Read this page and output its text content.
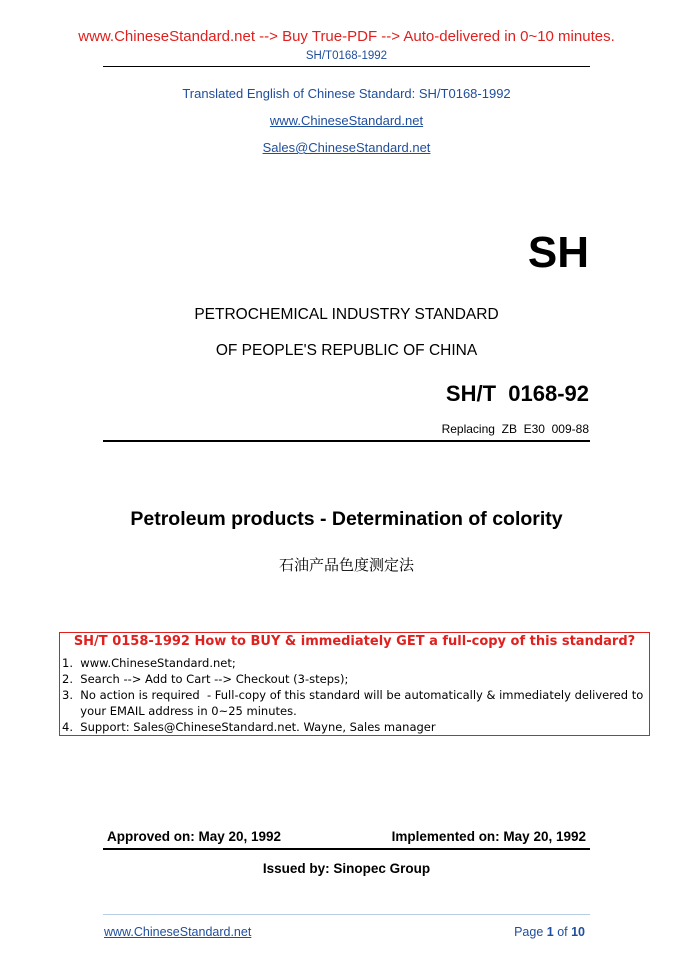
www.ChineseStandard.net --> Buy True-PDF --> Auto-delivered in 0~10 minutes.
SH/T0168-1992
Translated English of Chinese Standard: SH/T0168-1992
www.ChineseStandard.net
Sales@ChineseStandard.net
SH
PETROCHEMICAL INDUSTRY STANDARD
OF PEOPLE'S REPUBLIC OF CHINA
SH/T  0168-92
Replacing  ZB  E30  009-88
Petroleum products - Determination of colority
石油产品色度测定法
SH/T 0158-1992 How to BUY & immediately GET a full-copy of this standard?
1.  www.ChineseStandard.net;
2.  Search --> Add to Cart --> Checkout (3-steps);
3.  No action is required  - Full-copy of this standard will be automatically & immediately delivered to
your EMAIL address in 0~25 minutes.
4.  Support: Sales@ChineseStandard.net. Wayne, Sales manager
Approved on: May 20, 1992	Implemented on: May 20, 1992
Issued by: Sinopec Group
www.ChineseStandard.net	Page 1 of 10
